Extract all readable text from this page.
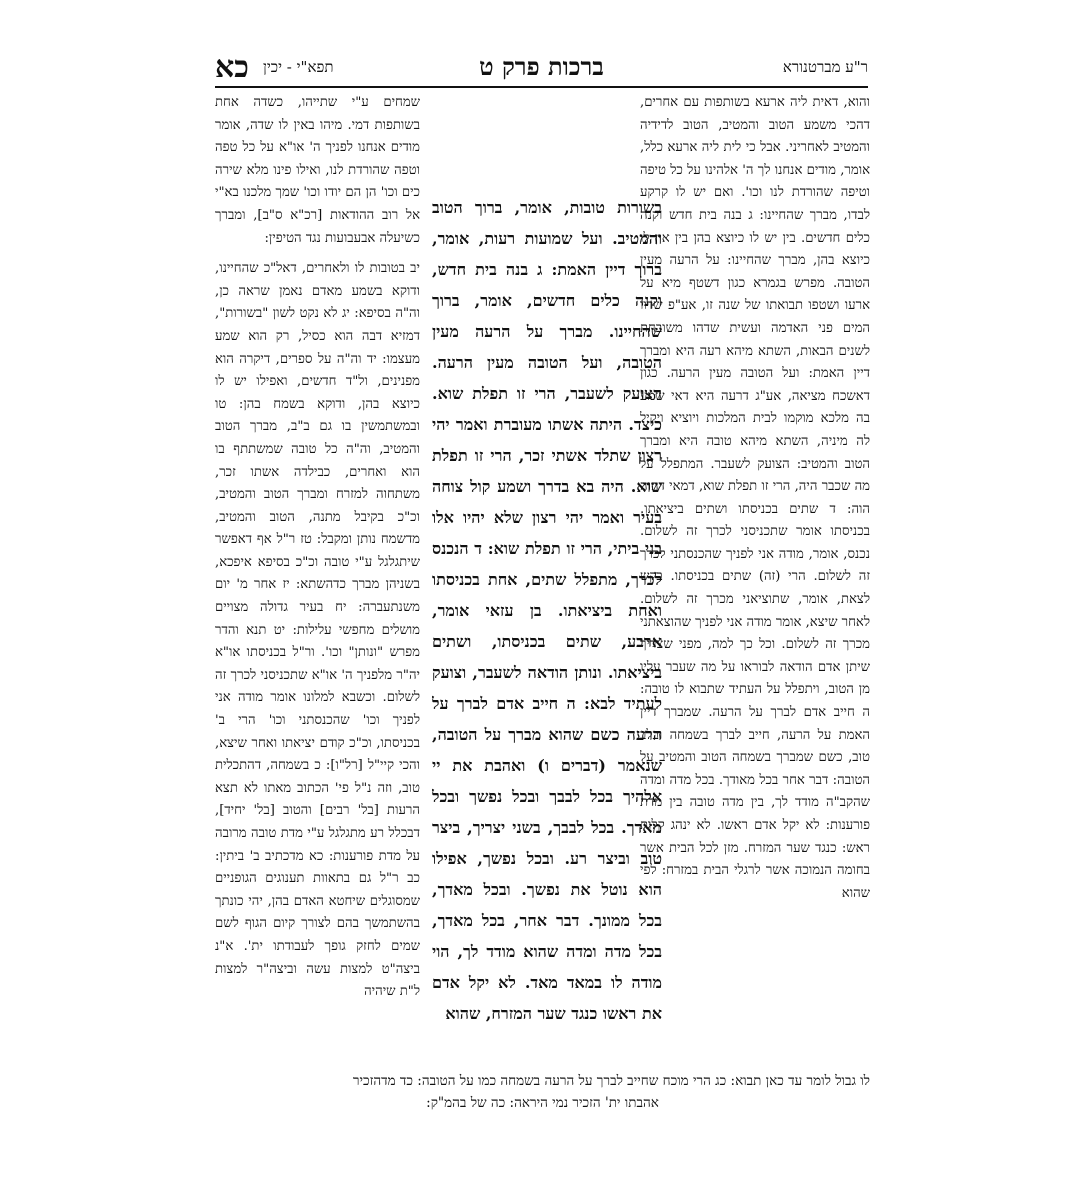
ר"ע מברטנורא
ברכות פרק ט
תפא"י - יכין
כא
והוא, דאית ליה ארעא בשותפות עם אחרים, דהכי משמע הטוב והמטיב, הטוב לדידיה והמטיב לאחריני. אבל כי לית ליה ארעא כלל, אומר, מודים אנחנו לך ה' אלהינו על כל טיפה וטיפה שהורדת לנו וכו'. ואם יש לו קרקע לבדו, מברך שהחיינו: ג בנה בית חדש וקנה כלים חדשים. בין יש לו כיוצא בהן בין אין לו כיוצא בהן, מברך שהחיינו: על הרעה מעין הטובה. מפרש בגמרא כגון דשטף מיא על ארעו ושטפו תבואתו של שנה זו, אע"פ שרוו המים פני האדמה ועשית שדהו משובחת לשנים הבאות, השתא מיהא רעה היא ומברך דיין האמת: ועל הטובה מעין הרעה. כגון דאשכח מציאה, אע"ג דרעה היא דאי שמע בה מלכא מוקמו לבית המלכות ויוציא ויקיל לה מיניה, השתא מיהא טובה היא ומברך הטוב והמטיב: הצועק לשעבר. המתפלל על מה שכבר היה, הרי זו תפלת שוא, דמאי דהוה הוה: ד שתים בכניסתו ושתים ביציאתו. בכניסתו אומר שתכניסני לכרך זה לשלום. נכנס, אומר, מודה אני לפניך שהכנסתני לכרך זה לשלום. הרי (זה) שתים בכניסתו. בקש לצאת, אומר, שתוציאני מכרך זה לשלום. לאחר שיצא, אומר מודה אני לפניך שהוצאתני מכרך זה לשלום. וכל כך למה, מפני שצריך שיתן אדם הודאה לבוראו על מה שעבר עליו מן הטוב, ויתפלל על העתיד שתבוא לו טובה: ה חייב אדם לברך על הרעה. שמברך דיין האמת על הרעה, חייב לברך בשמחה ובלב טוב, כשם שמברך בשמחה הטוב והמטיב על הטובה: דבר אחר בכל מאודך. בכל מדה ומדה שהקב"ה מודד לך, בין מדה טובה בין מדת פורענות: לא יקל אדם ראשו. לא ינהג קלות ראש: כנגד שער המזרח. מזן לכל הבית אשר בחומה הנמוכה אשר לרגלי הבית במזרח: לפי שהוא
בשורות טובות, אומר, ברוך הטוב והמטיב. ועל שמועות רעות, אומר, ברוך דיין האמת: ג בנה בית חדש, וקנה כלים חדשים, אומר, ברוך שהחיינו. מברך על הרעה מעין הטובה, ועל הטובה מעין הרעה. הצועק לשעבר, הרי זו תפלת שוא. כיצד. היתה אשתו מעוברת ואמר יהי רצון שתלד אשתי זכר, הרי זו תפלת שוא. היה בא בדרך ושמע קול צוחה בעיר ואמר יהי רצון שלא יהיו אלו בני ביתי, הרי זו תפלת שוא: ד הנכנס לכרך, מתפלל שתים, אחת בכניסתו ואחת ביציאתו. בן עזאי אומר, ארבע, שתים בכניסתו, ושתים ביציאתו. ונותן הודאה לשעבר, וצועק לעתיד לבא: ה חייב אדם לברך על הרעה כשם שהוא מברך על הטובה, שנאמר (דברים ו) ואהבת את יי אלהיך בכל לבבך ובכל נפשך ובכל מאדך. בכל לבבך, בשני יצריך, ביצר טוב וביצר רע. ובכל נפשך, אפילו הוא נוטל את נפשך. ובכל מאדך, בכל ממונך. דבר אחר, בכל מאדך, בכל מדה ומדה שהוא מודד לך, הוי מודה לו במאד מאד. לא יקל אדם את ראשו כנגד שער המזרח, שהוא
שמחים ע"י שתייהו, כשדה אחת בשותפות דמי. מיהו באין לו שדה, אומר מודים אנחנו לפניך ה' או"א על כל טפה וטפה שהורדת לנו, ואילו פינו מלא שירה כים וכו' הן הם יודו וכו' שמך מלכנו בא"י אל רוב ההודאות [רכ"א ס"ב], ומברך כשיעלה אבעבועות נגד הטיפין:
יב בטובות לו ולאחרים, דאל"כ שהחיינו, ודוקא בשמע מאדם נאמן שראה כן, וה"ה בסיפא: יג לא נקט לשון "בשורות", דמזיא דבה הוא כסיל, רק הוא שמע מעצמו: יד וה"ה על ספרים, דיקרה הוא מפנינים, ול"ד חדשים, ואפילו יש לו כיוצא בהן, ודוקא בשמח בהן: טו ובמשתמשין בו גם ב"ב, מברך הטוב והמטיב, וה"ה כל טובה שמשתתף בו הוא ואחרים, כבילדה אשתו זכר, משתחוה למזרח ומברך הטוב והמטיב, וכ"כ בקיבל מתנה, הטוב והמטיב, מדשמח נותן ומקבל: טז ר"ל אף דאפשר שיתגלגל ע"י טובה וכ"כ בסיפא איפכא, בשניהן מברך כדהשתא: יז אחר מ' יום משנתעברה: יח בעיר גדולה מצויים מושלים מחפשי עלילות: יט תנא והדר מפרש "ונותן" וכו'. ור"ל בכניסתו או"א יה"ר מלפניך ה' או"א שתכניסני לכרך זה לשלום. וכשבא למלונו אומר מודה אני לפניך וכו' שהכנסתני וכו' הרי ב' בכניסתו, וכ"כ קודם יציאתו ואחר שיצא, והכי קיי"ל [רל"ו]: כ בשמחה, דהתכלית טוב, וזה נ"ל פי' הכתוב מאתו לא תצא הרעות [בל' רבים] והטוב [בל' יחיד], דבכלל רע מתגלגל ע"י מדת טובה מרובה על מדת פורענות: כא מדכתיב ב' ביתין: כב ר"ל גם בתאוות תענוגים הגופניים שמסוגלים שיחטא האדם בהן, יהי כונתך בהשתמשך בהם לצורך קיום הגוף לשם שמים לחזק גופך לעבודתו ית'. א"נ ביצה"ט למצות עשה וביצה"ר למצות ל"ת שיהיה
לו גבול לומר עד כאן תבוא: כג הרי מוכח שחייב לברך על הרעה בשמחה כמו על הטובה: כד מדהזכיר
אהבתו ית' הזכיר נמי היראה: כה של בהמ"ק:
